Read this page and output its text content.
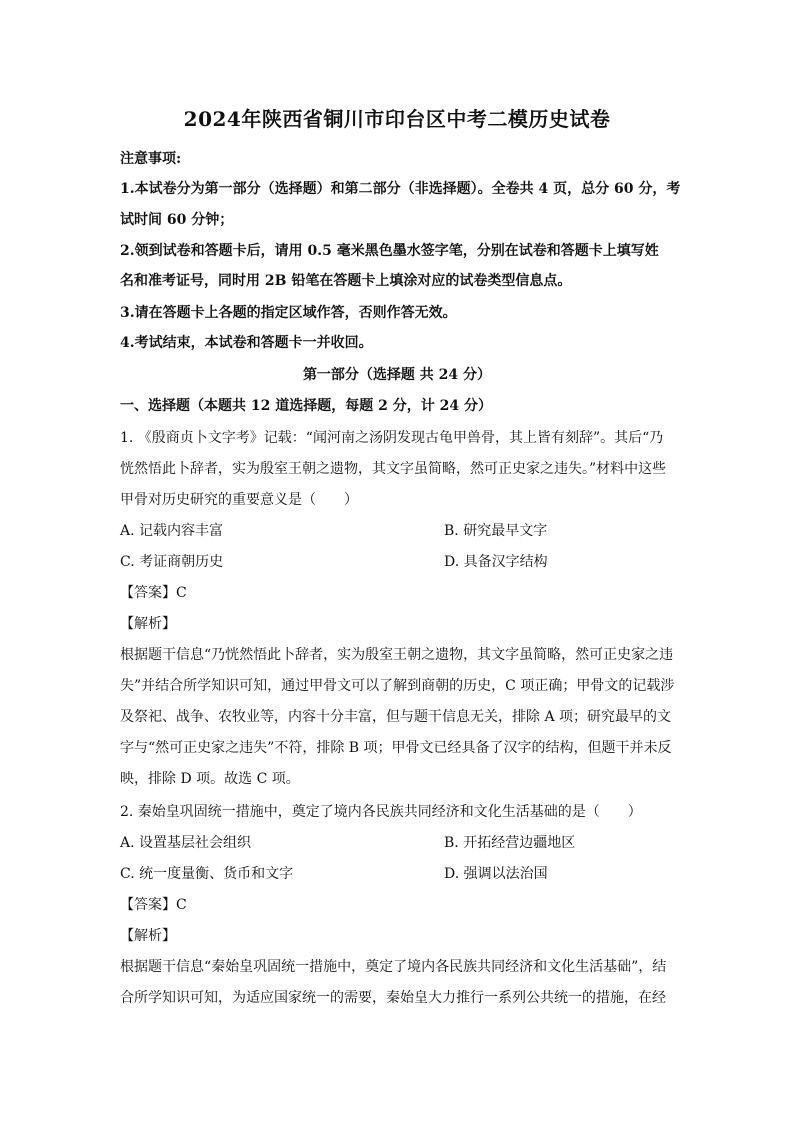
2024年陕西省铜川市印台区中考二模历史试卷
注意事项:
1.本试卷分为第一部分（选择题）和第二部分（非选择题）。全卷共 4 页，总分 60 分，考
试时间 60 分钟；
2.领到试卷和答题卡后，请用 0.5 毫米黑色墨水签字笔，分别在试卷和答题卡上填写姓
名和准考证号，同时用 2B 铅笔在答题卡上填涂对应的试卷类型信息点。
3.请在答题卡上各题的指定区域作答，否则作答无效。
4.考试结束，本试卷和答题卡一并收回。
第一部分（选择题 共 24 分）
一、选择题（本题共 12 道选择题，每题 2 分，计 24 分）
1. 《殷商贞卜文字考》记载：“闻河南之汤阴发现古龟甲兽骨，其上皆有刻辞”。其后“乃
恍然悟此卜辞者，实为殷室王朝之遗物，其文字虽简略，然可正史家之违失。”材料中这些
甲骨对历史研究的重要意义是（　　）
A. 记载内容丰富	B. 研究最早文字
C. 考证商朝历史	D. 具备汉字结构
【答案】C
【解析】
根据题干信息“乃恍然悟此卜辞者，实为殷室王朝之遗物，其文字虽简略，然可正史家之违
失”并结合所学知识可知，通过甲骨文可以了解到商朝的历史，C 项正确；甲骨文的记载涉
及祭祀、战争、农牧业等，内容十分丰富，但与题干信息无关，排除 A 项；研究最早的文
字与“然可正史家之违失”不符，排除 B 项；甲骨文已经具备了汉字的结构，但题干并未反
映，排除 D 项。故选 C 项。
2. 秦始皇巩固统一措施中，奠定了境内各民族共同经济和文化生活基础的是（　　）
A. 设置基层社会组织	B. 开拓经营边疆地区
C. 统一度量衡、货币和文字	D. 强调以法治国
【答案】C
【解析】
根据题干信息“秦始皇巩固统一措施中，奠定了境内各民族共同经济和文化生活基础”，结
合所学知识可知，为适应国家统一的需要，秦始皇大力推行一系列公共统一的措施，在经
